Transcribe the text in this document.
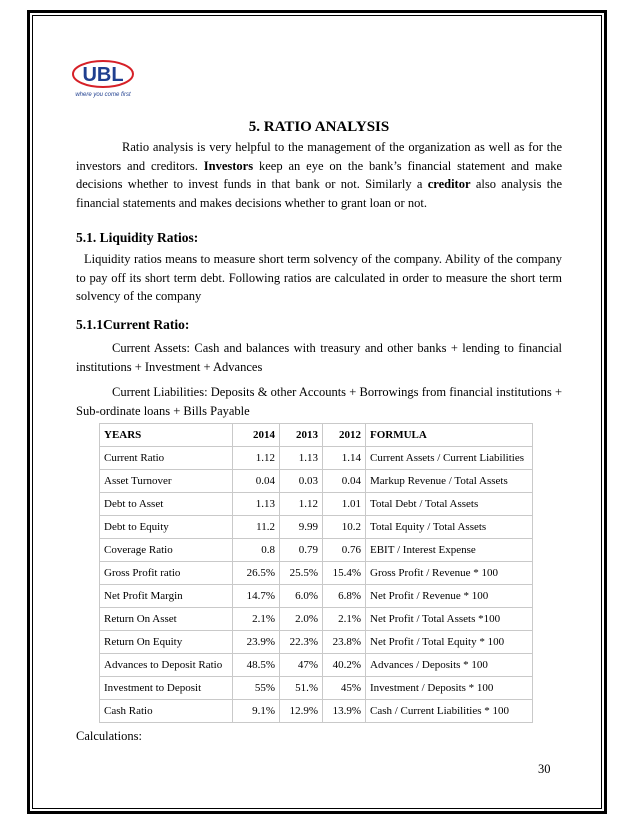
UBL
where you come first
5. RATIO ANALYSIS
Ratio analysis is very helpful to the management of the organization as well as for the investors and creditors. Investors keep an eye on the bank’s financial statement and make decisions whether to invest funds in that bank or not. Similarly a creditor also analysis the financial statements and makes decisions whether to grant loan or not.
5.1. Liquidity Ratios:
Liquidity ratios means to measure short term solvency of the company. Ability of the company to pay off its short term debt. Following ratios are calculated in order to measure the short term solvency of the company
5.1.1Current Ratio:
Current Assets: Cash and balances with treasury and other banks + lending to financial institutions + Investment + Advances
Current Liabilities: Deposits & other Accounts + Borrowings from financial institutions + Sub-ordinate loans + Bills Payable
YEARS	2014	2013	2012	FORMULA
Current Ratio	1.12	1.13	1.14	Current Assets / Current Liabilities
Asset Turnover	0.04	0.03	0.04	Markup Revenue / Total Assets
Debt to Asset	1.13	1.12	1.01	Total Debt / Total Assets
Debt to Equity	11.2	9.99	10.2	Total Equity / Total Assets
Coverage Ratio	0.8	0.79	0.76	EBIT / Interest Expense
Gross Profit ratio	26.5%	25.5%	15.4%	Gross Profit / Revenue * 100
Net Profit Margin	14.7%	6.0%	6.8%	Net Profit / Revenue * 100
Return On Asset	2.1%	2.0%	2.1%	Net Profit / Total Assets *100
Return On Equity	23.9%	22.3%	23.8%	Net Profit / Total Equity * 100
Advances to Deposit Ratio	48.5%	47%	40.2%	Advances / Deposits * 100
Investment to Deposit	55%	51.%	45%	Investment / Deposits * 100
Cash Ratio	9.1%	12.9%	13.9%	Cash / Current Liabilities * 100
Calculations:
30
